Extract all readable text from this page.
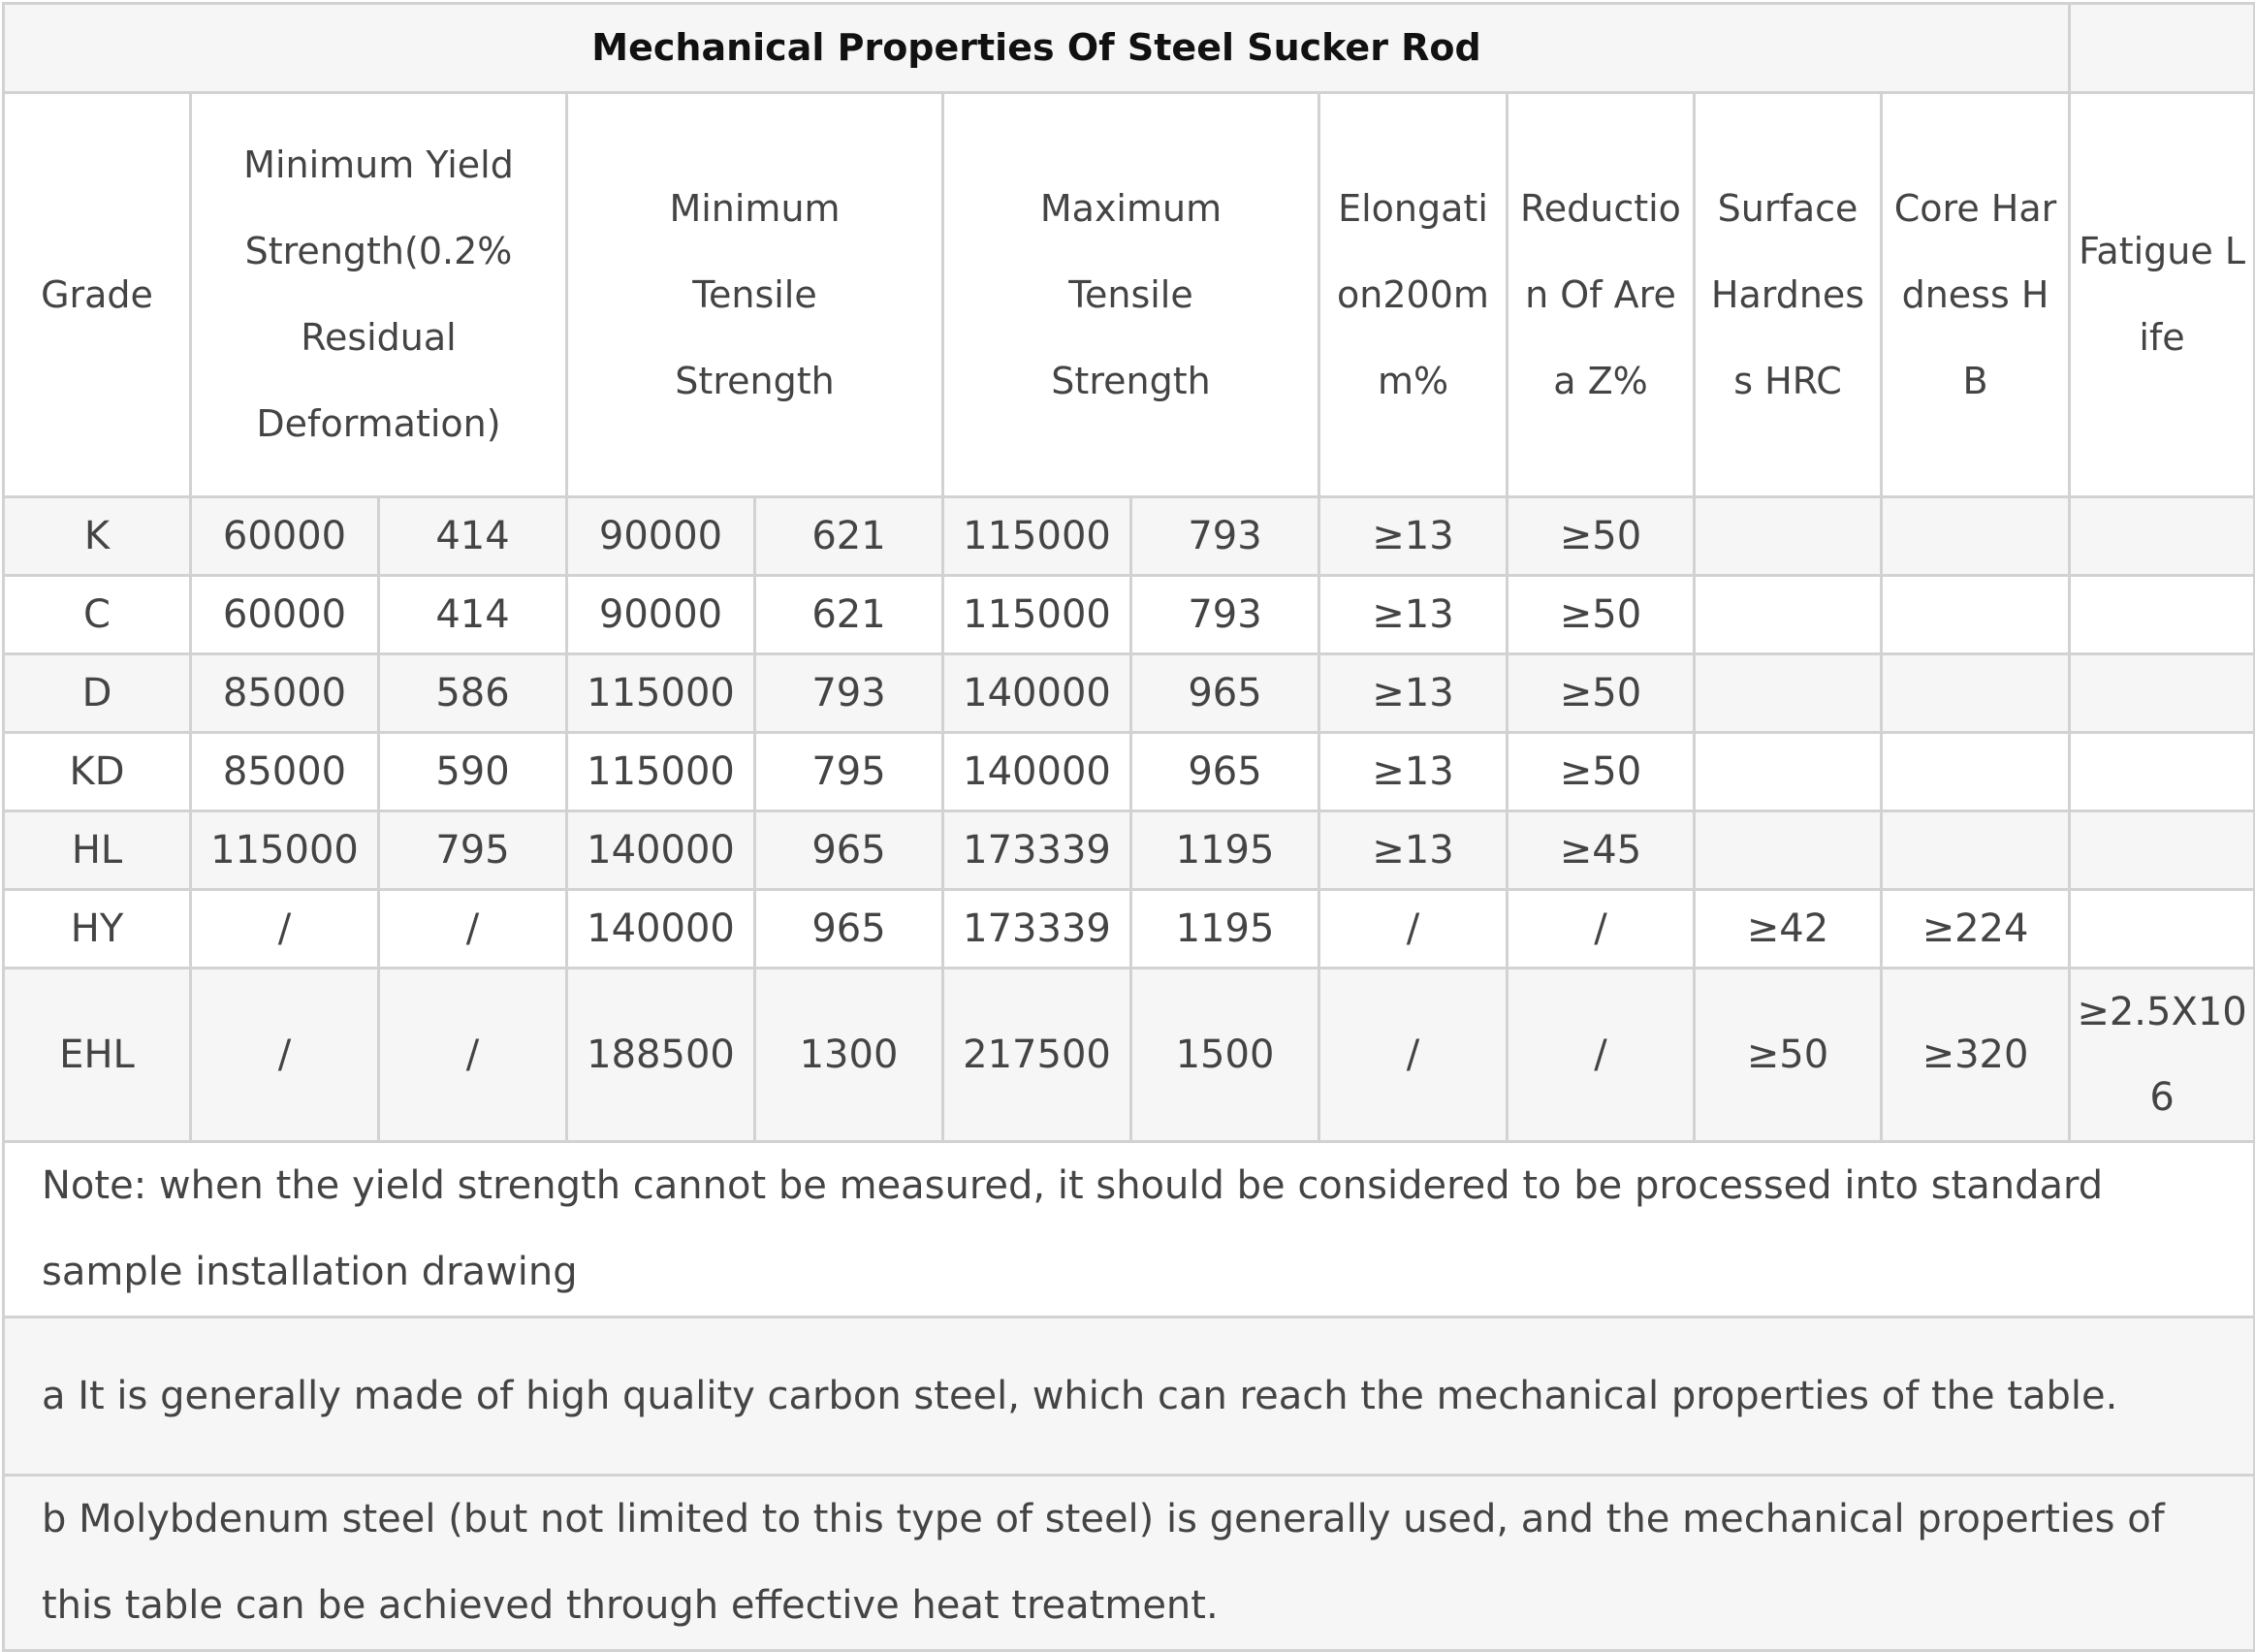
Mechanical Properties Of Steel Sucker Rod											
Grade	Minimum Yield Strength(0.2% Residual Deformation)		Minimum Tensile Strength		Maximum Tensile Strength		Elongation200mm%	Reduction Of Area Z%	Surface Hardness HRC	Core Hardness HB	Fatigue Life
K	60000	414	90000	621	115000	793	≥13	≥50			
C	60000	414	90000	621	115000	793	≥13	≥50			
D	85000	586	115000	793	140000	965	≥13	≥50			
KD	85000	590	115000	795	140000	965	≥13	≥50			
HL	115000	795	140000	965	173339	1195	≥13	≥45			
HY	/	/	140000	965	173339	1195	/	/	≥42	≥224	
EHL	/	/	188500	1300	217500	1500	/	/	≥50	≥320	≥2.5X106
Note: when the yield strength cannot be measured, it should be considered to be processed into standard sample installation drawing											
a It is generally made of high quality carbon steel, which can reach the mechanical properties of the table.											
b Molybdenum steel (but not limited to this type of steel) is generally used, and the mechanical properties of this table can be achieved through effective heat treatment.											
